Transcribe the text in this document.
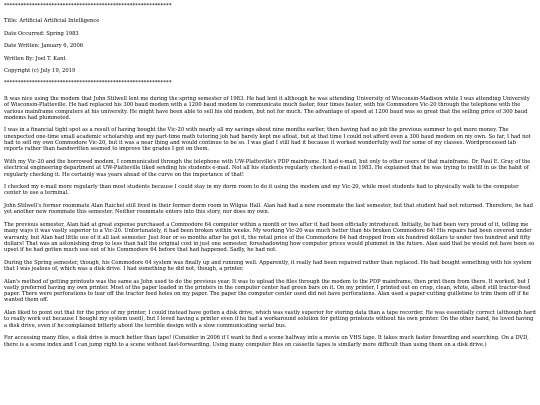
************************************************************
Title: Artificial Artificial Intelligence
Date Occurred: Spring 1983
Date Written: January 6, 2006
Written By: Joel T. Kant
Copyright (c) July 19, 2019
************************************************************

It was nice using the modem that John Stilwell lent me during the spring semester of 1983. He had lent it although he was attending University of Wisconsin-Madison while I was attending University of Wisconsin-Platteville. He had replaced his 300 baud modem with a 1200 baud modem to communicate much faster, four times faster, with his Commodore Vic-20 through the telephone with the various mainframe computers at his university. He might have been able to sell his old modem, but not for much. The advantage of speed at 1200 baud was so great that the selling price of 300 baud modems had plummeted.

I was in a financial tight spot as a result of having bought the Vic-20 with nearly all my savings about nine months earlier, then having had no job the previous summer to get more money. The unexpected one-time small academic scholarship and my part-time math tutoring job had barely kept me afloat, but at that time I could not afford even a 300 baud modem on my own. So far, I had not had to sell my own Commodore Vic-20, but it was a near thing and would continue to be so. I was glad I still had it because it worked wonderfully well for some of my classes. Wordprocessed lab reports rather than handwritten seemed to improve the grades I got on them.

With my Vic-20 and the borrowed modem, I communicated through the telephone with UW-Platteville's PDP mainframe. It had e-mail, but only to other users of that mainframe. Dr. Paul E. Gray of the electrical engineering department at UW-Platteville liked sending his students e-mail. Not all his students regularly checked e-mail in 1983. He explained that he was trying to instill in us the habit of regularly checking it. He certainly was years ahead of the curve on the importance of that!

I checked my e-mail more regularly than most students because I could stay in my dorm room to do it using the modem and my Vic-20, while most students had to physically walk to the computer center to use a terminal.

John Stilwell's former roommate Alan Raichel still lived in their former dorm room in Wilgus Hall. Alan had had a new roommate the last semester, but that student had not returned. Therefore, he had yet another new roommate this semester. Neither roommate enters into this story, nor does my own.

The previous semester, Alan had at great expense purchased a Commodore 64 computer within a month or two after it had been officially introduced. Initially, he had been very proud of it, telling me many ways it was vastly superior to a Vic-20. Unfortunately, it had been broken within weeks. My working Vic-20 was much better than his broken Commodore 64! His repairs had been covered under warranty, but Alan had little use of it all last semester. Just four or so months after he got it, the retail price of the Commodore 64 had dropped from six hundred dollars to under two hundred and fifty dollars! That was an astonishing drop to less than half the original cost in just one semester, foreshadowing how computer prices would plummet in the future. Alan said that he would not have been so upset if he had gotten much use out of his Commodore 64 before that had happened. Sadly, he had not.

During the Spring semester, though, his Commodore 64 system was finally up and running well. Apparently, it really had been repaired rather than replaced. He had bought something with his system that I was jealous of, which was a disk drive. I had something he did not, though, a printer.

Alan's method of getting printouts was the same as John used to do the previous year. It was to upload the files through the modem to the PDP mainframe, then print them from there. It worked, but I vastly preferred having my own printer. Most of the paper loaded in the printers in the computer center had green bars on it. On my printer, I printed out on crisp, clean, white, albeit still tractor-feed paper. There were perforations to tear off the tractor feed holes on my paper. The paper the computer center used did not have perforations. Alan used a paper-cutting guillotine to trim them off if he wanted them off.

Alan liked to point out that for the price of my printer, I could instead have gotten a disk drive, which was vastly superior for storing data than a tape recorder. He was essentially correct (although hard to really work out because I bought my system used), but I loved having a printer even if he had a workaround solution for getting printouts without his own printer. On the other hand, he loved having a disk drive, even if he complained bitterly about the terrible design with a slow communicating serial bus.

For accessing many files, a disk drive is much better than tape! (Consider in 2006 if I want to find a scene halfway into a movie on VHS tape. It takes much faster fowarding and searching. On a DVD, there is a scene index and I can jump right to a scene without fast-forwarding. Using many computer files on cassette tapes is similarly more difficult than using them on a disk drive.)
